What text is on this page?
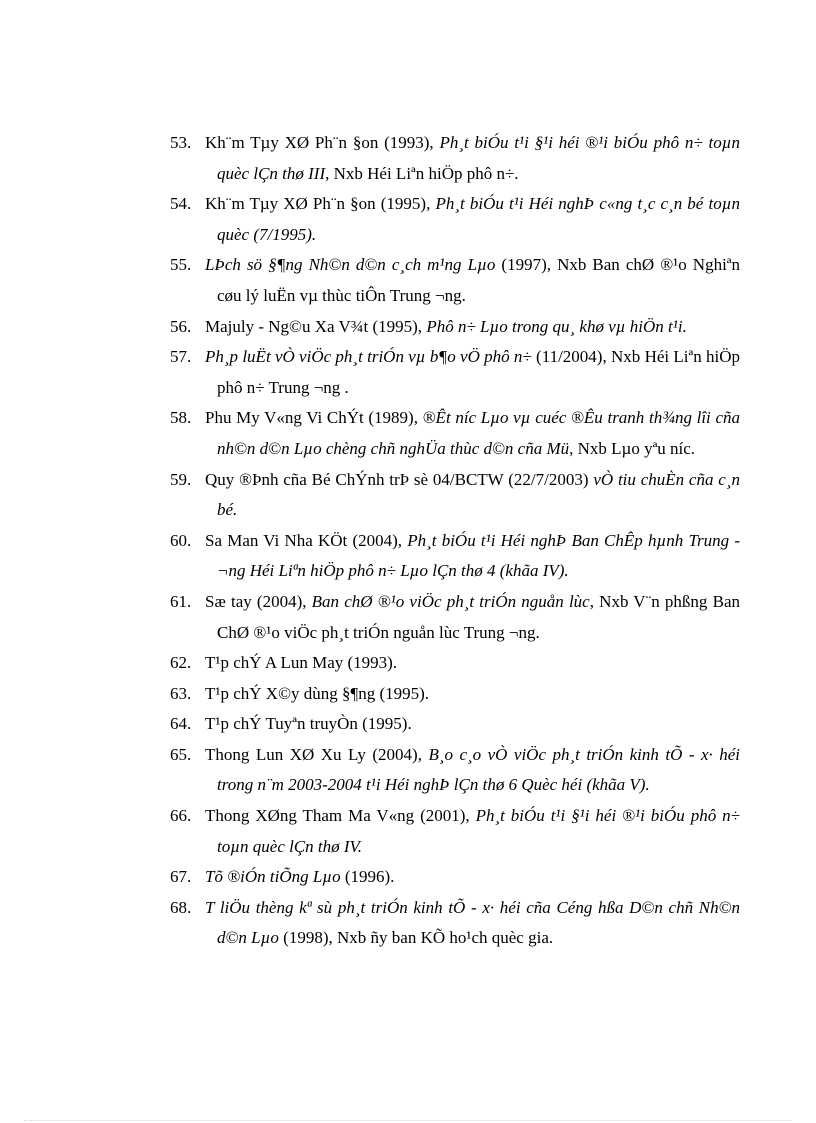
53. Kh¨m Tµy XØ Ph¨n §on (1993), Ph¸t biÓu t¹i §¹i héi ®¹i biÓu phô n÷ toµn quèc lÇn thø III, Nxb Héi Liªn hiÖp phô n÷.
54. Kh¨m Tµy XØ Ph¨n §on (1995), Ph¸t biÓu t¹i Héi nghÞ c«ng t¸c c¸n bé toµn quèc (7/1995).
55. LÞch sö §¶ng Nh©n d©n c¸ch m¹ng Lµo (1997), Nxb Ban chØ ®¹o Nghiªn cøu lý luËn vµ thùc tiÔn Trung ¬ng.
56. Majuly - Ng©u Xa V¾t (1995), Phô n÷ Lµo trong qu¸ khø vµ hiÖn t¹i.
57. Ph¸p luËt vÒ viÖc ph¸t triÓn vµ b¶o vÖ phô n÷ (11/2004), Nxb Héi Liªn hiÖp phô n÷ Trung ¬ng .
58. Phu My V«ng Vi ChÝt (1989), ®Êt níc Lµo vµ cuéc ®Êu tranh th¾ng lîi cña nh©n d©n Lµo chèng chñ nghÜa thùc d©n cña Mü, Nxb Lµo yªu níc.
59. Quy ®Þnh cña Bé ChÝnh trÞ sè 04/BCTW (22/7/2003) vÒ tiu chuÈn cña c¸n bé.
60. Sa Man Vi Nha KÖt (2004), Ph¸t biÓu t¹i Héi nghÞ Ban ChÊp hµnh Trung ¬ng Héi Liªn hiÖp phô n÷ Lµo lÇn thø 4 (khãa IV).
61. Sæ tay (2004), Ban chØ ®¹o viÖc ph¸t triÓn nguån lùc, Nxb V¨n phßng Ban ChØ ®¹o viÖc ph¸t triÓn nguån lùc Trung ¬ng.
62. T¹p chÝ A Lun May (1993).
63. T¹p chÝ X©y dùng §¶ng (1995).
64. T¹p chÝ Tuyªn truyÒn (1995).
65. Thong Lun XØ Xu Ly (2004), B¸o c¸o vÒ viÖc ph¸t triÓn kinh tÕ - x· héi trong n¨m 2003-2004 t¹i Héi nghÞ lÇn thø 6 Quèc héi (khãa V).
66. Thong XØng Tham Ma V«ng (2001), Ph¸t biÓu t¹i §¹i héi ®¹i biÓu phô n÷ toµn quèc lÇn thø IV.
67. Tõ ®iÓn tiÕng Lµo (1996).
68. T liÖu thèng kª sù ph¸t triÓn kinh tÕ - x· héi cña Céng hßa D©n chñ Nh©n d©n Lµo (1998), Nxb ñy ban KÕ ho¹ch quèc gia.
